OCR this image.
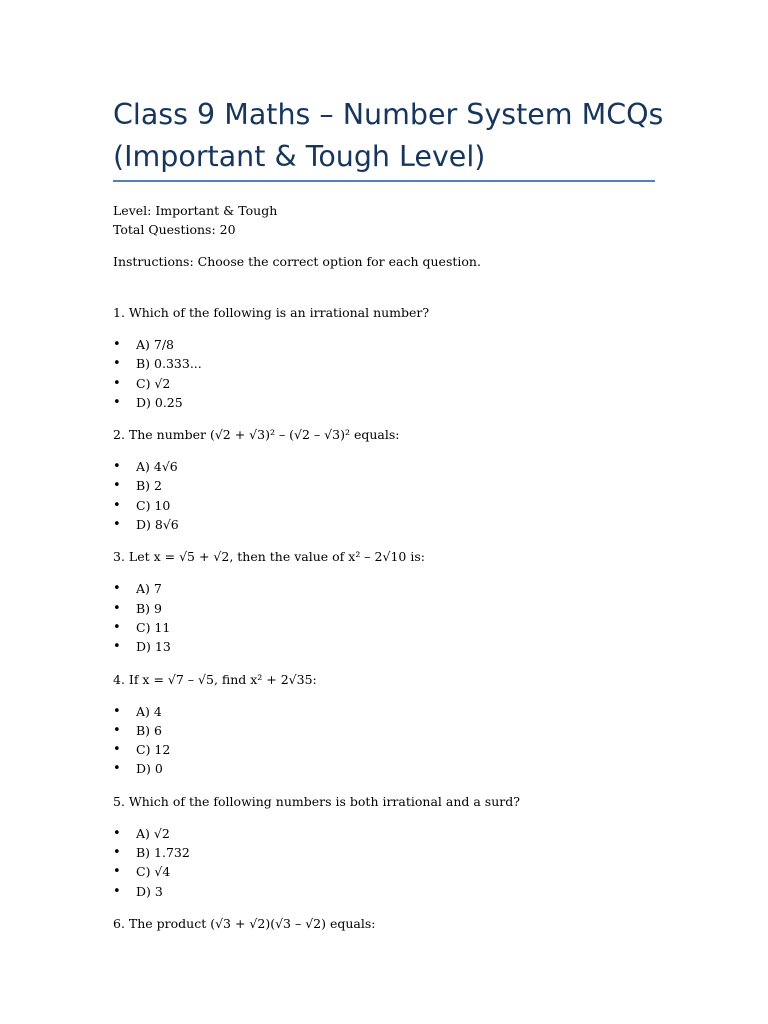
Class 9 Maths – Number System MCQs
(Important & Tough Level)

Level: Important & Tough

Total Questions: 20

Instructions: Choose the correct option for each question.

1. Which of the following is an irrational number?

• A) 7/8
• B) 0.333...
• C) √2
• D) 0.25

2. The number (√2 + √3)² – (√2 – √3)² equals:

• A) 4√6
• B) 2
• C) 10
• D) 8√6

3. Let x = √5 + √2, then the value of x² – 2√10 is:

• A) 7
• B) 9
• C) 11
• D) 13

4. If x = √7 – √5, find x² + 2√35:

• A) 4
• B) 6
• C) 12
• D) 0

5. Which of the following numbers is both irrational and a surd?

• A) √2
• B) 1.732
• C) √4
• D) 3

6. The product (√3 + √2)(√3 – √2) equals:
